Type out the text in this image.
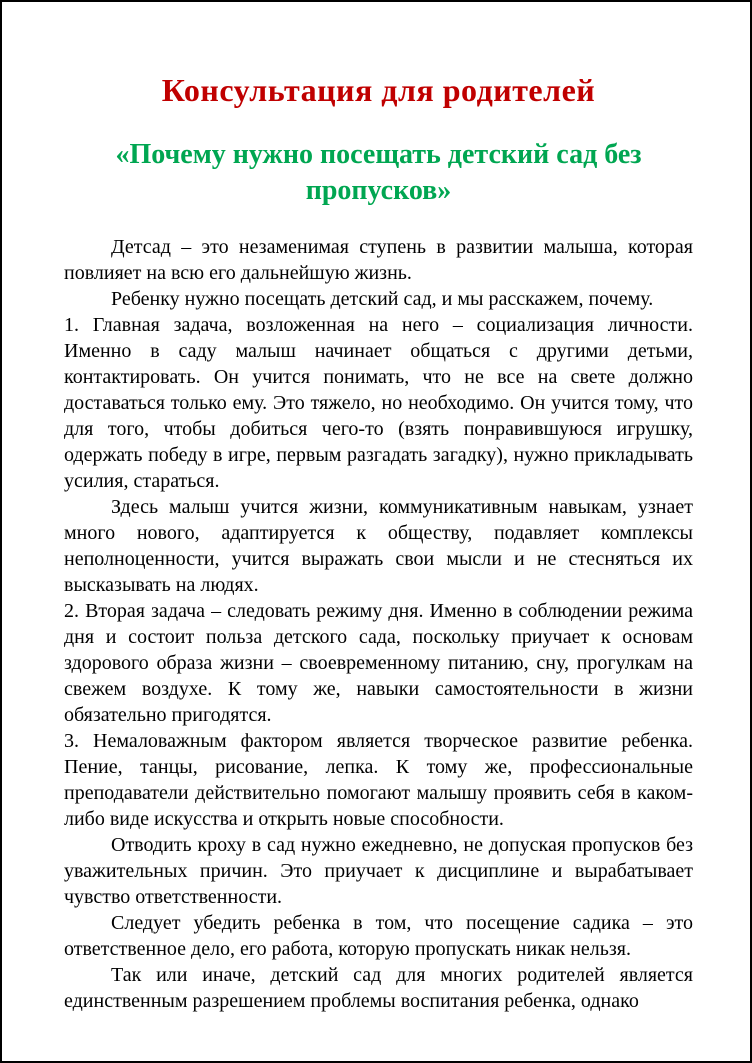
Консультация для родителей
«Почему нужно посещать детский сад без пропусков»

Детсад – это незаменимая ступень в развитии малыша, которая повлияет на всю его дальнейшую жизнь.

Ребенку нужно посещать детский сад, и мы расскажем, почему.

1. Главная задача, возложенная на него – социализация личности. Именно в саду малыш начинает общаться с другими детьми, контактировать. Он учится понимать, что не все на свете должно доставаться только ему. Это тяжело, но необходимо. Он учится тому, что для того, чтобы добиться чего-то (взять понравившуюся игрушку, одержать победу в игре, первым разгадать загадку), нужно прикладывать усилия, стараться.

Здесь малыш учится жизни, коммуникативным навыкам, узнает много нового, адаптируется к обществу, подавляет комплексы неполноценности, учится выражать свои мысли и не стесняться их высказывать на людях.

2. Вторая задача – следовать режиму дня. Именно в соблюдении режима дня и состоит польза детского сада, поскольку приучает к основам здорового образа жизни – своевременному питанию, сну, прогулкам на свежем воздухе. К тому же, навыки самостоятельности в жизни обязательно пригодятся.

3. Немаловажным фактором является творческое развитие ребенка. Пение, танцы, рисование, лепка. К тому же, профессиональные преподаватели действительно помогают малышу проявить себя в каком-либо виде искусства и открыть новые способности.

Отводить кроху в сад нужно ежедневно, не допуская пропусков без уважительных причин. Это приучает к дисциплине и вырабатывает чувство ответственности.

Следует убедить ребенка в том, что посещение садика – это ответственное дело, его работа, которую пропускать никак нельзя.

Так или иначе, детский сад для многих родителей является единственным разрешением проблемы воспитания ребенка, однако
